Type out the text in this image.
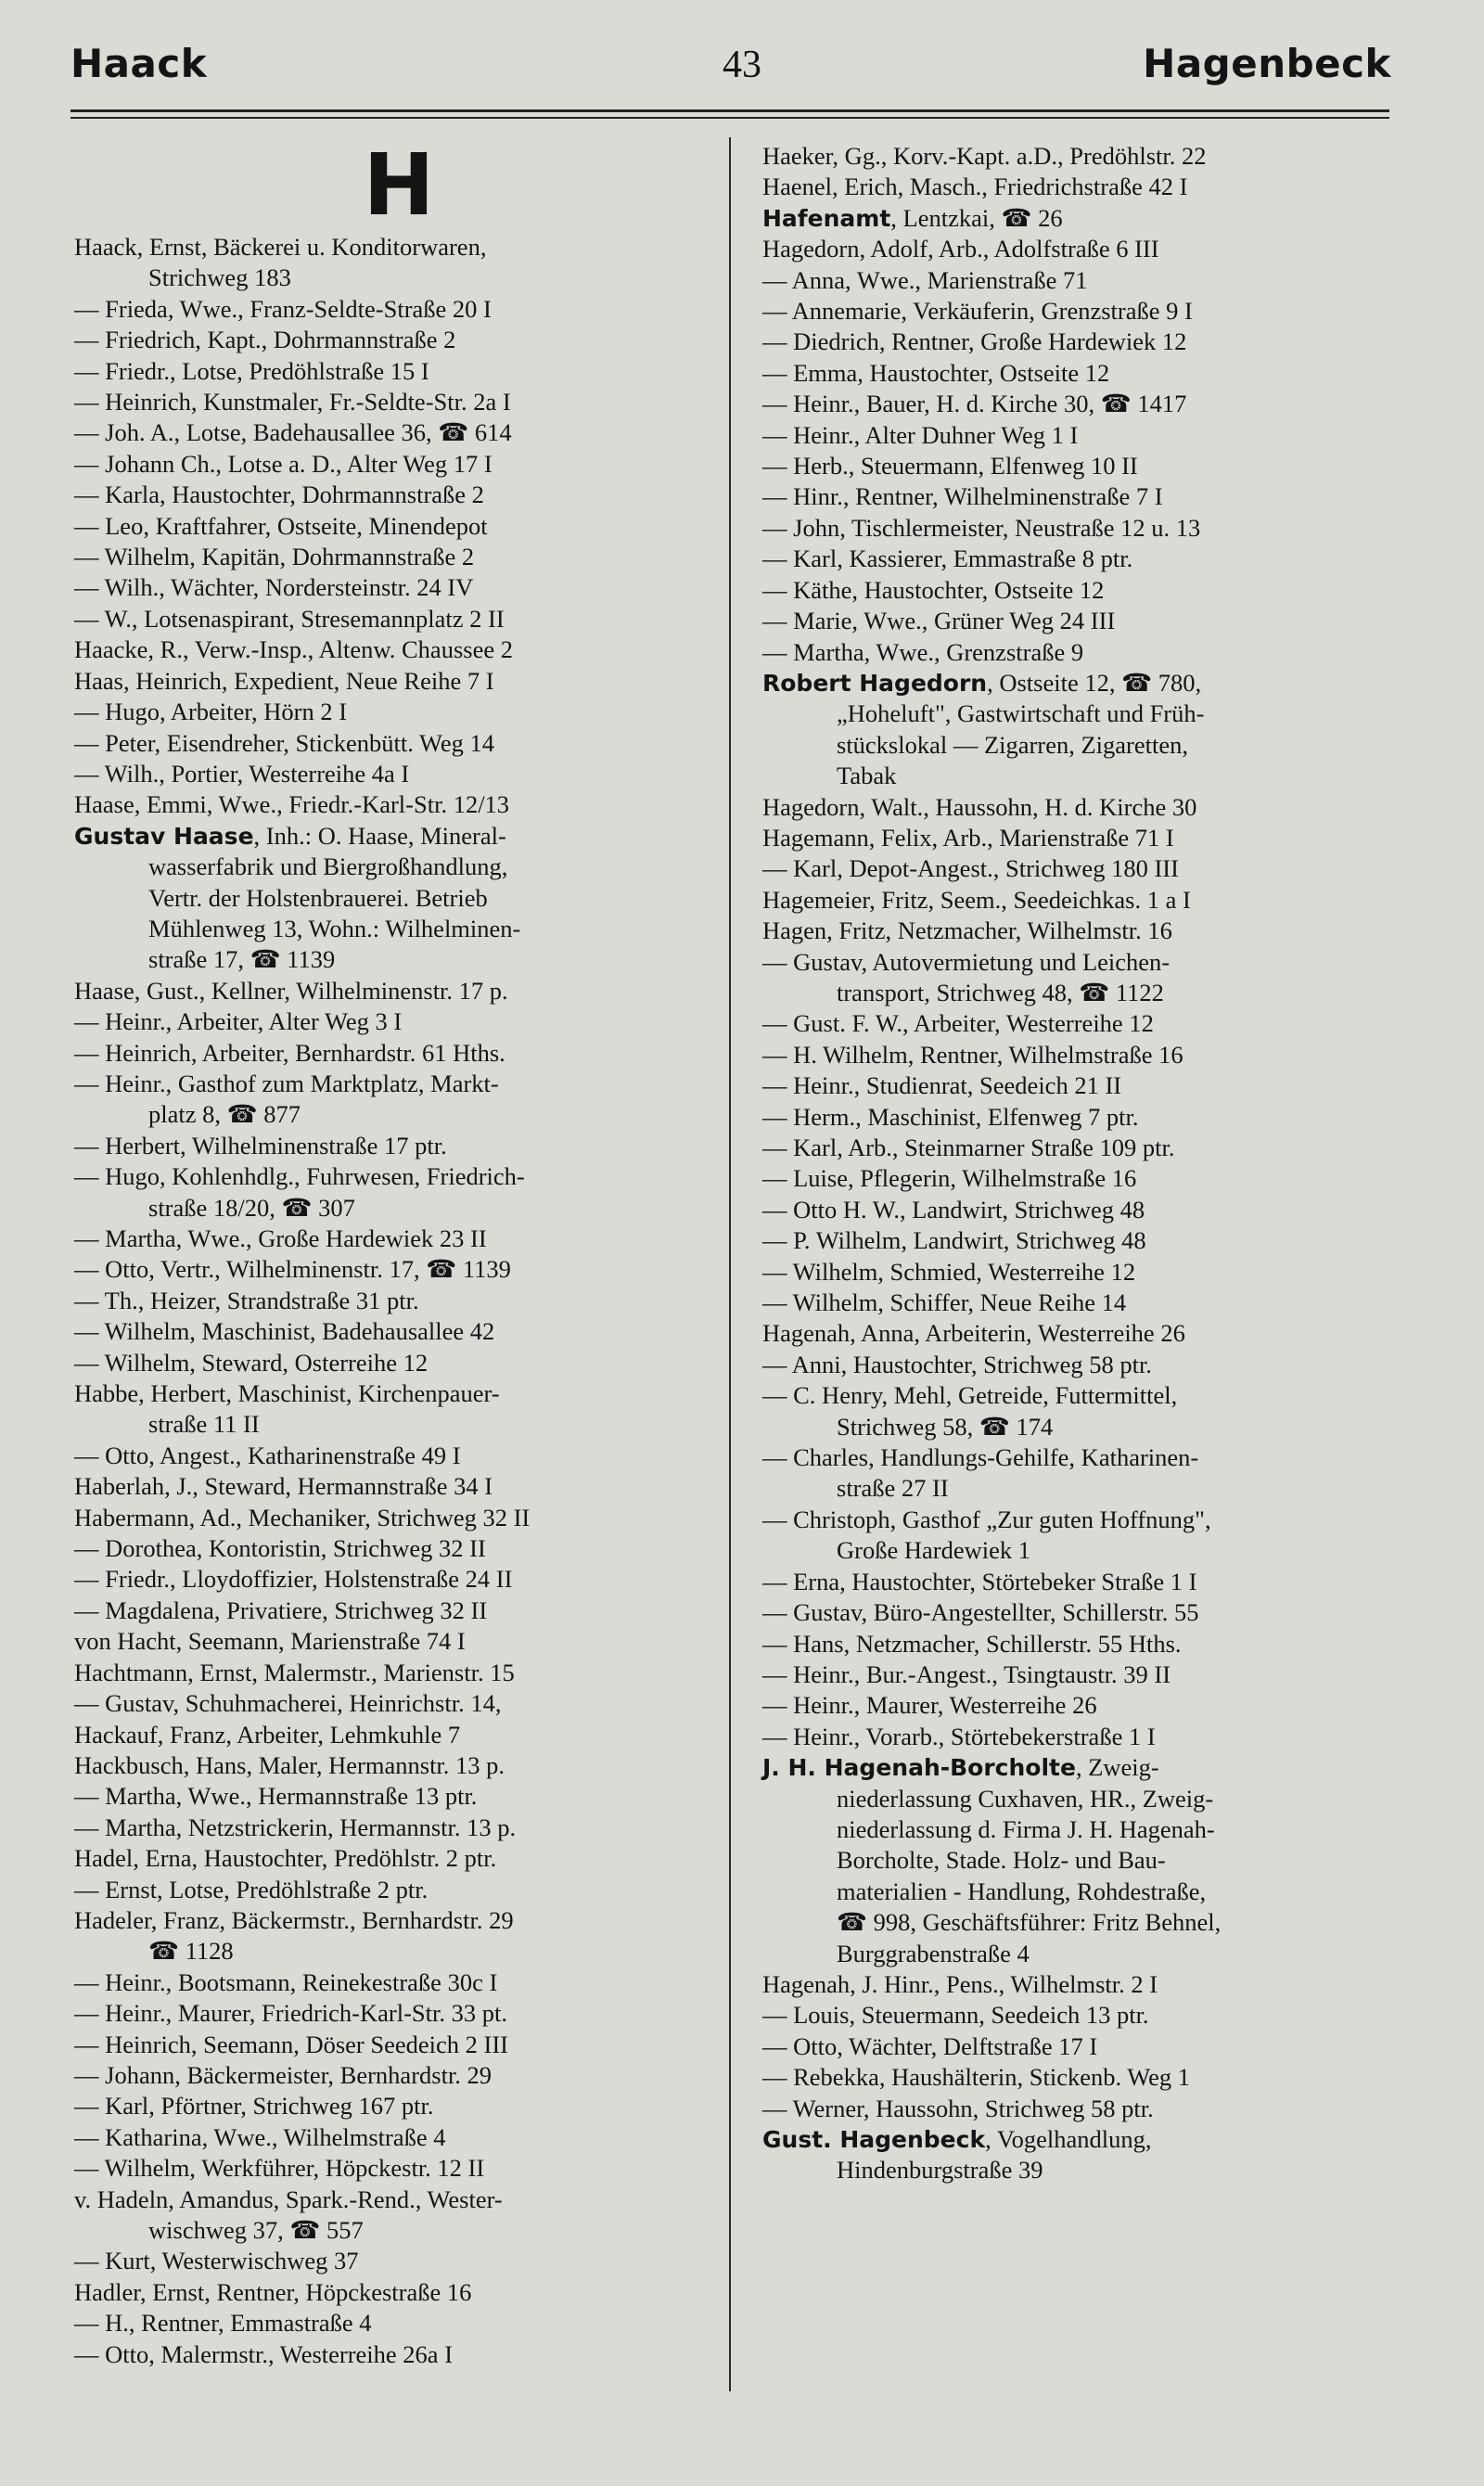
Haack	43	Hagenbeck
H
Haack, Ernst, Bäckerei u. Konditorwaren,
Strichweg 183
— Frieda, Wwe., Franz-Seldte-Straße 20 I
— Friedrich, Kapt., Dohrmannstraße 2
— Friedr., Lotse, Predöhlstraße 15 I
— Heinrich, Kunstmaler, Fr.-Seldte-Str. 2a I
— Joh. A., Lotse, Badehausallee 36, ☎ 614
— Johann Ch., Lotse a. D., Alter Weg 17 I
— Karla, Haustochter, Dohrmannstraße 2
— Leo, Kraftfahrer, Ostseite, Minendepot
— Wilhelm, Kapitän, Dohrmannstraße 2
— Wilh., Wächter, Nordersteinstr. 24 IV
— W., Lotsenaspirant, Stresemannplatz 2 II
Haacke, R., Verw.-Insp., Altenw. Chaussee 2
Haas, Heinrich, Expedient, Neue Reihe 7 I
— Hugo, Arbeiter, Hörn 2 I
— Peter, Eisendreher, Stickenbütt. Weg 14
— Wilh., Portier, Westerreihe 4a I
Haase, Emmi, Wwe., Friedr.-Karl-Str. 12/13
Gustav Haase, Inh.: O. Haase, Mineral-
wasserfabrik und Biergroßhandlung,
Vertr. der Holstenbrauerei. Betrieb
Mühlenweg 13, Wohn.: Wilhelminen-
straße 17, ☎ 1139
Haase, Gust., Kellner, Wilhelminenstr. 17 p.
— Heinr., Arbeiter, Alter Weg 3 I
— Heinrich, Arbeiter, Bernhardstr. 61 Hths.
— Heinr., Gasthof zum Marktplatz, Markt-
platz 8, ☎ 877
— Herbert, Wilhelminenstraße 17 ptr.
— Hugo, Kohlenhdlg., Fuhrwesen, Friedrich-
straße 18/20, ☎ 307
— Martha, Wwe., Große Hardewiek 23 II
— Otto, Vertr., Wilhelminenstr. 17, ☎ 1139
— Th., Heizer, Strandstraße 31 ptr.
— Wilhelm, Maschinist, Badehausallee 42
— Wilhelm, Steward, Osterreihe 12
Habbe, Herbert, Maschinist, Kirchenpauer-
straße 11 II
— Otto, Angest., Katharinenstraße 49 I
Haberlah, J., Steward, Hermannstraße 34 I
Habermann, Ad., Mechaniker, Strichweg 32 II
— Dorothea, Kontoristin, Strichweg 32 II
— Friedr., Lloydoffizier, Holstenstraße 24 II
— Magdalena, Privatiere, Strichweg 32 II
von Hacht, Seemann, Marienstraße 74 I
Hachtmann, Ernst, Malermstr., Marienstr. 15
— Gustav, Schuhmacherei, Heinrichstr. 14,
Hackauf, Franz, Arbeiter, Lehmkuhle 7
Hackbusch, Hans, Maler, Hermannstr. 13 p.
— Martha, Wwe., Hermannstraße 13 ptr.
— Martha, Netzstrickerin, Hermannstr. 13 p.
Hadel, Erna, Haustochter, Predöhlstr. 2 ptr.
— Ernst, Lotse, Predöhlstraße 2 ptr.
Hadeler, Franz, Bäckermstr., Bernhardstr. 29
☎ 1128
— Heinr., Bootsmann, Reinekestraße 30c I
— Heinr., Maurer, Friedrich-Karl-Str. 33 pt.
— Heinrich, Seemann, Döser Seedeich 2 III
— Johann, Bäckermeister, Bernhardstr. 29
— Karl, Pförtner, Strichweg 167 ptr.
— Katharina, Wwe., Wilhelmstraße 4
— Wilhelm, Werkführer, Höpckestr. 12 II
v. Hadeln, Amandus, Spark.-Rend., Wester-
wischweg 37, ☎ 557
— Kurt, Westerwischweg 37
Hadler, Ernst, Rentner, Höpckestraße 16
— H., Rentner, Emmastraße 4
— Otto, Malermstr., Westerreihe 26a I
Haeker, Gg., Korv.-Kapt. a.D., Predöhlstr. 22
Haenel, Erich, Masch., Friedrichstraße 42 I
Hafenamt, Lentzkai, ☎ 26
Hagedorn, Adolf, Arb., Adolfstraße 6 III
— Anna, Wwe., Marienstraße 71
— Annemarie, Verkäuferin, Grenzstraße 9 I
— Diedrich, Rentner, Große Hardewiek 12
— Emma, Haustochter, Ostseite 12
— Heinr., Bauer, H. d. Kirche 30, ☎ 1417
— Heinr., Alter Duhner Weg 1 I
— Herb., Steuermann, Elfenweg 10 II
— Hinr., Rentner, Wilhelminenstraße 7 I
— John, Tischlermeister, Neustraße 12 u. 13
— Karl, Kassierer, Emmastraße 8 ptr.
— Käthe, Haustochter, Ostseite 12
— Marie, Wwe., Grüner Weg 24 III
— Martha, Wwe., Grenzstraße 9
Robert Hagedorn, Ostseite 12, ☎ 780,
„Hoheluft", Gastwirtschaft und Früh-
stückslokal — Zigarren, Zigaretten,
Tabak
Hagedorn, Walt., Haussohn, H. d. Kirche 30
Hagemann, Felix, Arb., Marienstraße 71 I
— Karl, Depot-Angest., Strichweg 180 III
Hagemeier, Fritz, Seem., Seedeichkas. 1 a I
Hagen, Fritz, Netzmacher, Wilhelmstr. 16
— Gustav, Autovermietung und Leichen-
transport, Strichweg 48, ☎ 1122
— Gust. F. W., Arbeiter, Westerreihe 12
— H. Wilhelm, Rentner, Wilhelmstraße 16
— Heinr., Studienrat, Seedeich 21 II
— Herm., Maschinist, Elfenweg 7 ptr.
— Karl, Arb., Steinmarner Straße 109 ptr.
— Luise, Pflegerin, Wilhelmstraße 16
— Otto H. W., Landwirt, Strichweg 48
— P. Wilhelm, Landwirt, Strichweg 48
— Wilhelm, Schmied, Westerreihe 12
— Wilhelm, Schiffer, Neue Reihe 14
Hagenah, Anna, Arbeiterin, Westerreihe 26
— Anni, Haustochter, Strichweg 58 ptr.
— C. Henry, Mehl, Getreide, Futtermittel,
Strichweg 58, ☎ 174
— Charles, Handlungs-Gehilfe, Katharinen-
straße 27 II
— Christoph, Gasthof „Zur guten Hoffnung",
Große Hardewiek 1
— Erna, Haustochter, Störtebeker Straße 1 I
— Gustav, Büro-Angestellter, Schillerstr. 55
— Hans, Netzmacher, Schillerstr. 55 Hths.
— Heinr., Bur.-Angest., Tsingtaustr. 39 II
— Heinr., Maurer, Westerreihe 26
— Heinr., Vorarb., Störtebekerstraße 1 I
J. H. Hagenah-Borcholte, Zweig-
niederlassung Cuxhaven, HR., Zweig-
niederlassung d. Firma J. H. Hagenah-
Borcholte, Stade. Holz- und Bau-
materialien - Handlung, Rohdestraße,
☎ 998, Geschäftsführer: Fritz Behnel,
Burggrabenstraße 4
Hagenah, J. Hinr., Pens., Wilhelmstr. 2 I
— Louis, Steuermann, Seedeich 13 ptr.
— Otto, Wächter, Delftstraße 17 I
— Rebekka, Haushälterin, Stickenb. Weg 1
— Werner, Haussohn, Strichweg 58 ptr.
Gust. Hagenbeck, Vogelhandlung,
Hindenburgstraße 39
